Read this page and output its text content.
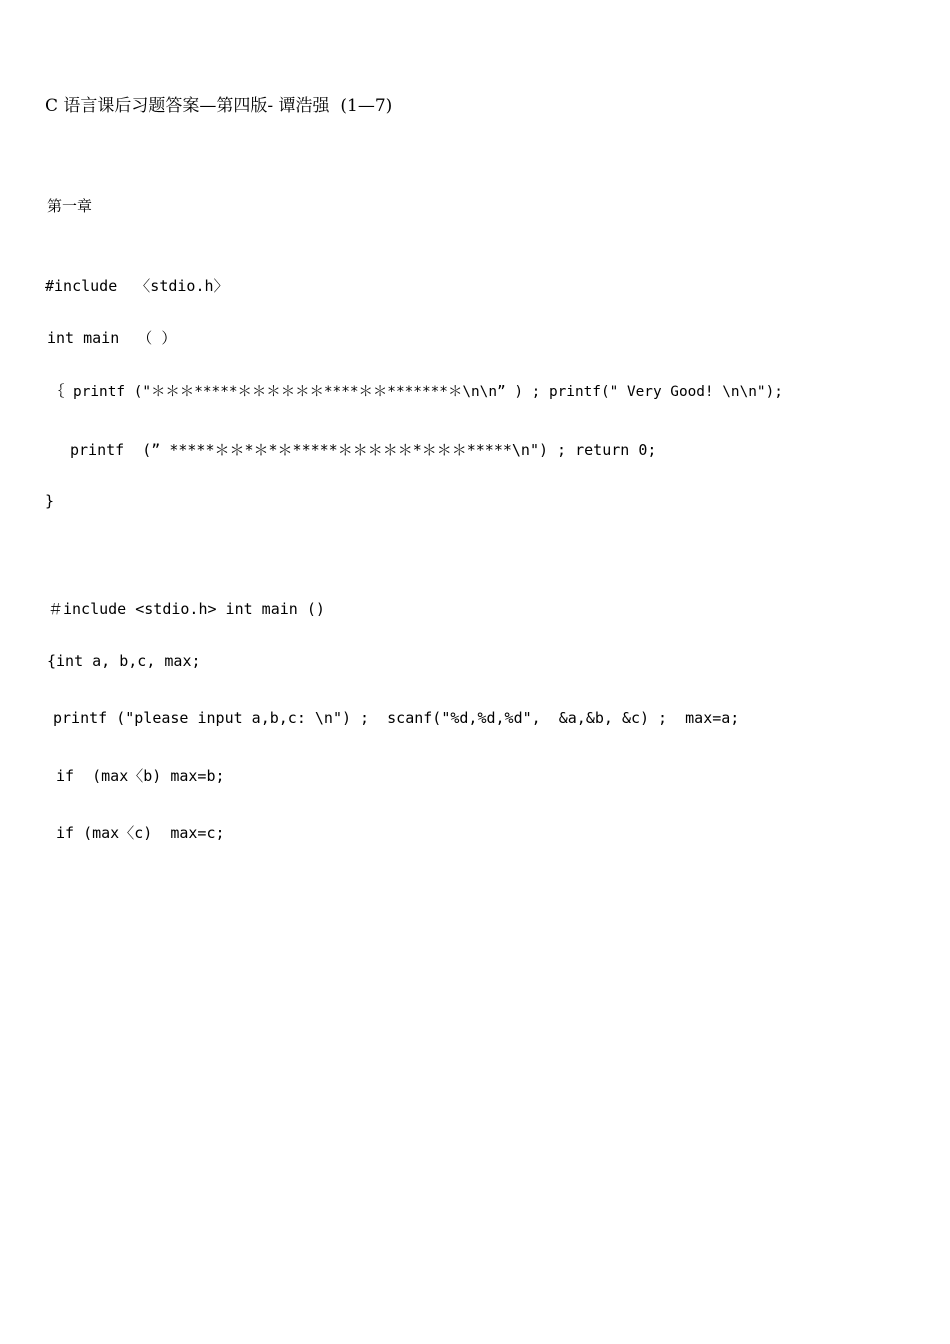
C 语言课后习题答案—第四版- 谭浩强  (1—7)

第一章

#include  〈stdio.h〉

int main  （ ）

｛ printf ("＊＊＊*****＊＊＊＊＊＊****＊＊*******＊\n\n” ) ; printf(" Very Good! \n\n");

printf  (” *****＊＊*＊*＊*****＊＊＊＊＊*＊＊＊*****\n") ; return 0;

}

＃include <stdio.h> int main ()

{int a, b,c, max;

printf ("please input a,b,c: \n") ;  scanf("%d,%d,%d",  &a,&b, &c) ;  max=a;

if  (max〈b) max=b;

if (max〈c)  max=c;
